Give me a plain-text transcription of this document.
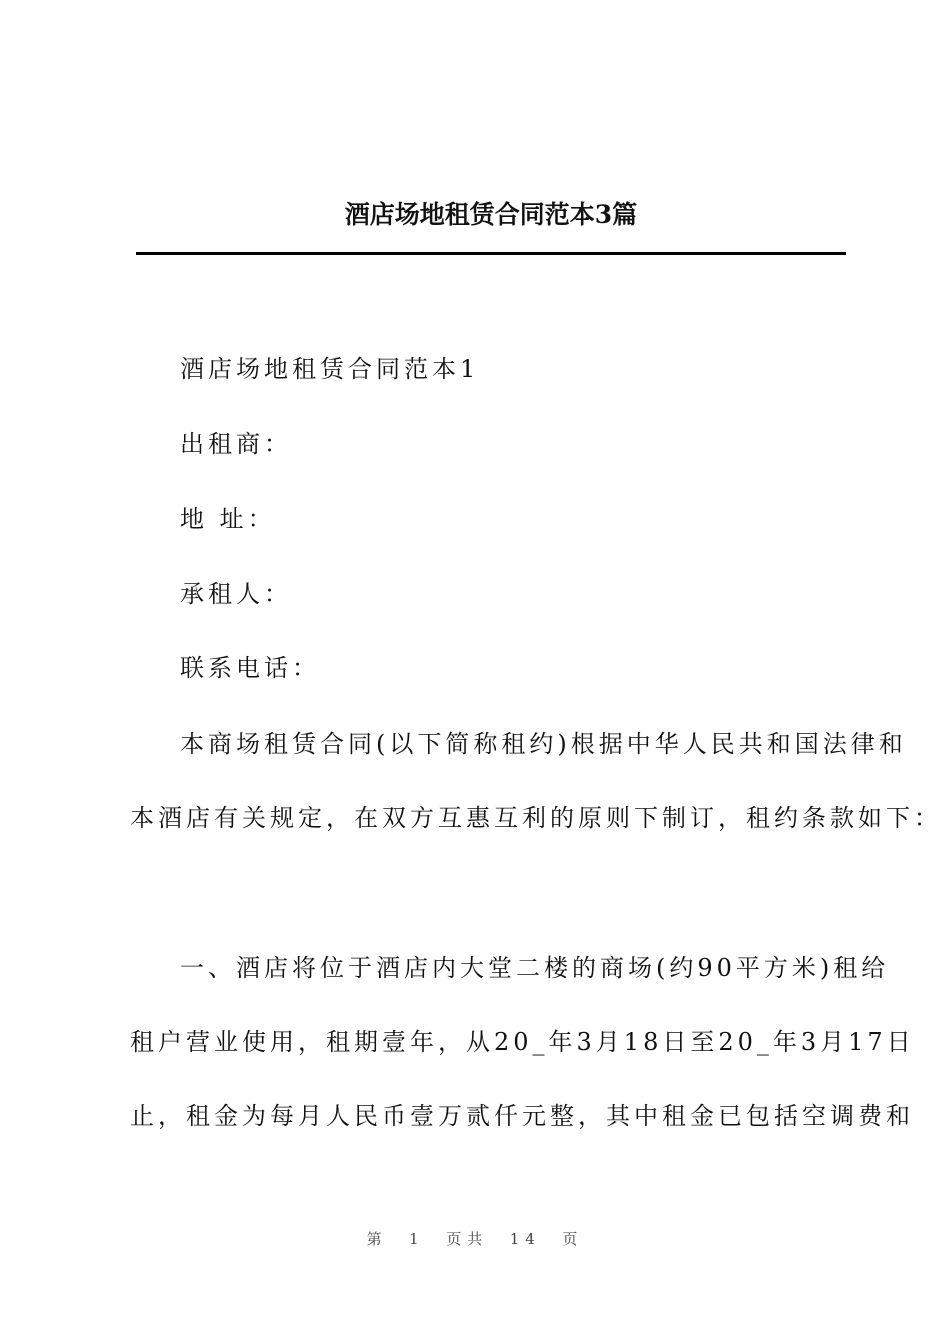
酒店场地租赁合同范本3篇
酒店场地租赁合同范本1
出租商：
地 址：
承租人：
联系电话：
本商场租赁合同(以下简称租约)根据中华人民共和国法律和
本酒店有关规定，在双方互惠互利的原则下制订，租约条款如下：
一、酒店将位于酒店内大堂二楼的商场(约90平方米)租给
租户营业使用，租期壹年，从20_年3月18日至20_年3月17日
止，租金为每月人民币壹万贰仟元整，其中租金已包括空调费和
第  1  页共  14  页
